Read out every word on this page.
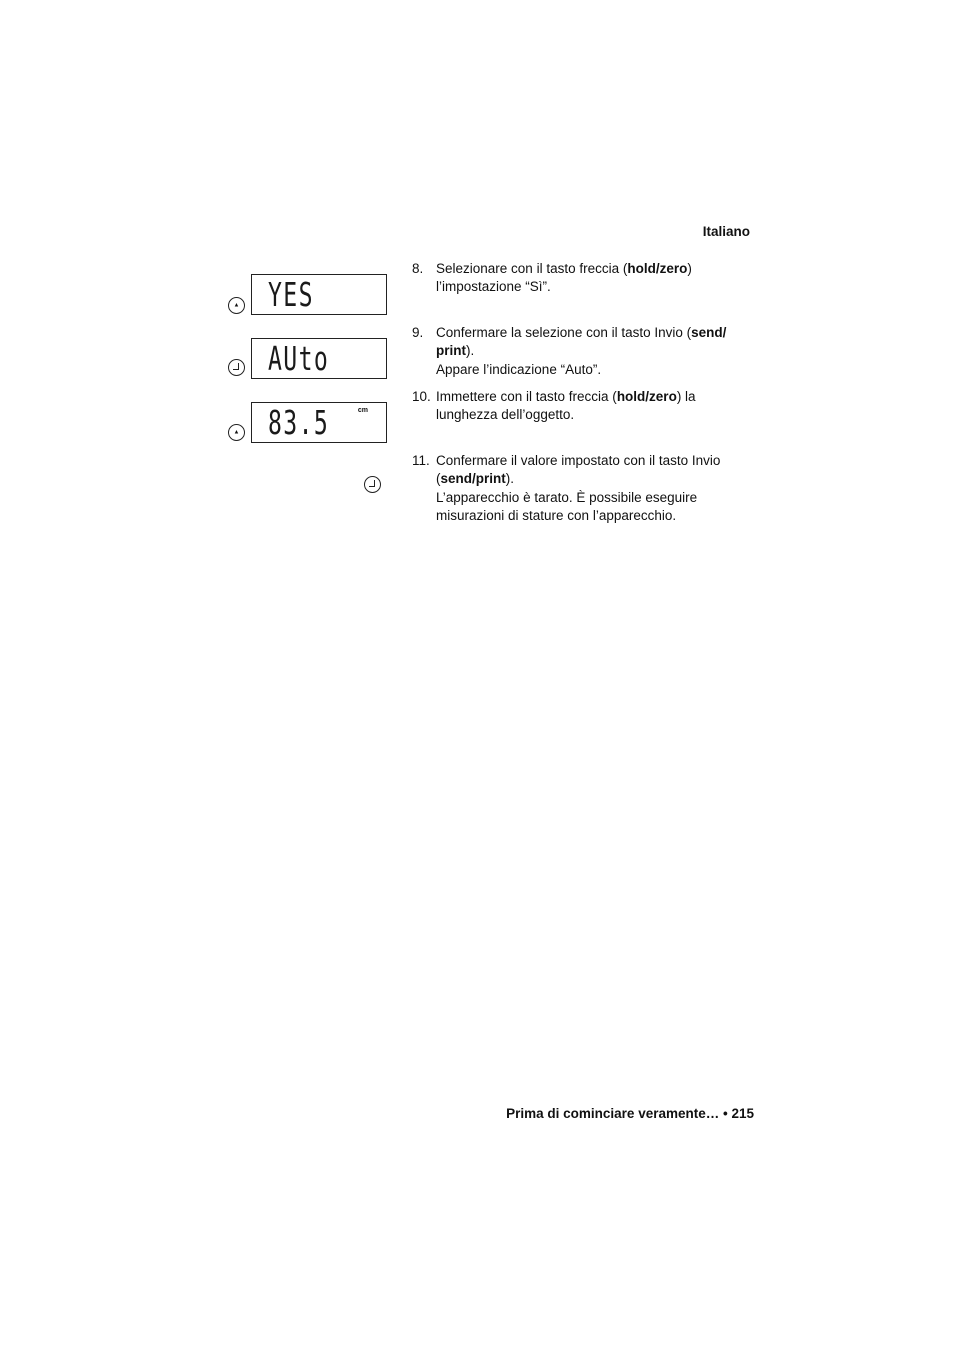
Italiano
▲ YES
AUto
▲ 83.5	cm
8. Selezionare con il tasto freccia (hold/zero) l’impostazione “Sì”.
9. Confermare la selezione con il tasto Invio (send/ print).
Appare l’indicazione “Auto”.
10. Immettere con il tasto freccia (hold/zero) la lunghezza dell’oggetto.
11. Confermare il valore impostato con il tasto Invio (send/print).
L’apparecchio è tarato. È possibile eseguire misurazioni di stature con l’apparecchio.
Prima di cominciare veramente… • 215
